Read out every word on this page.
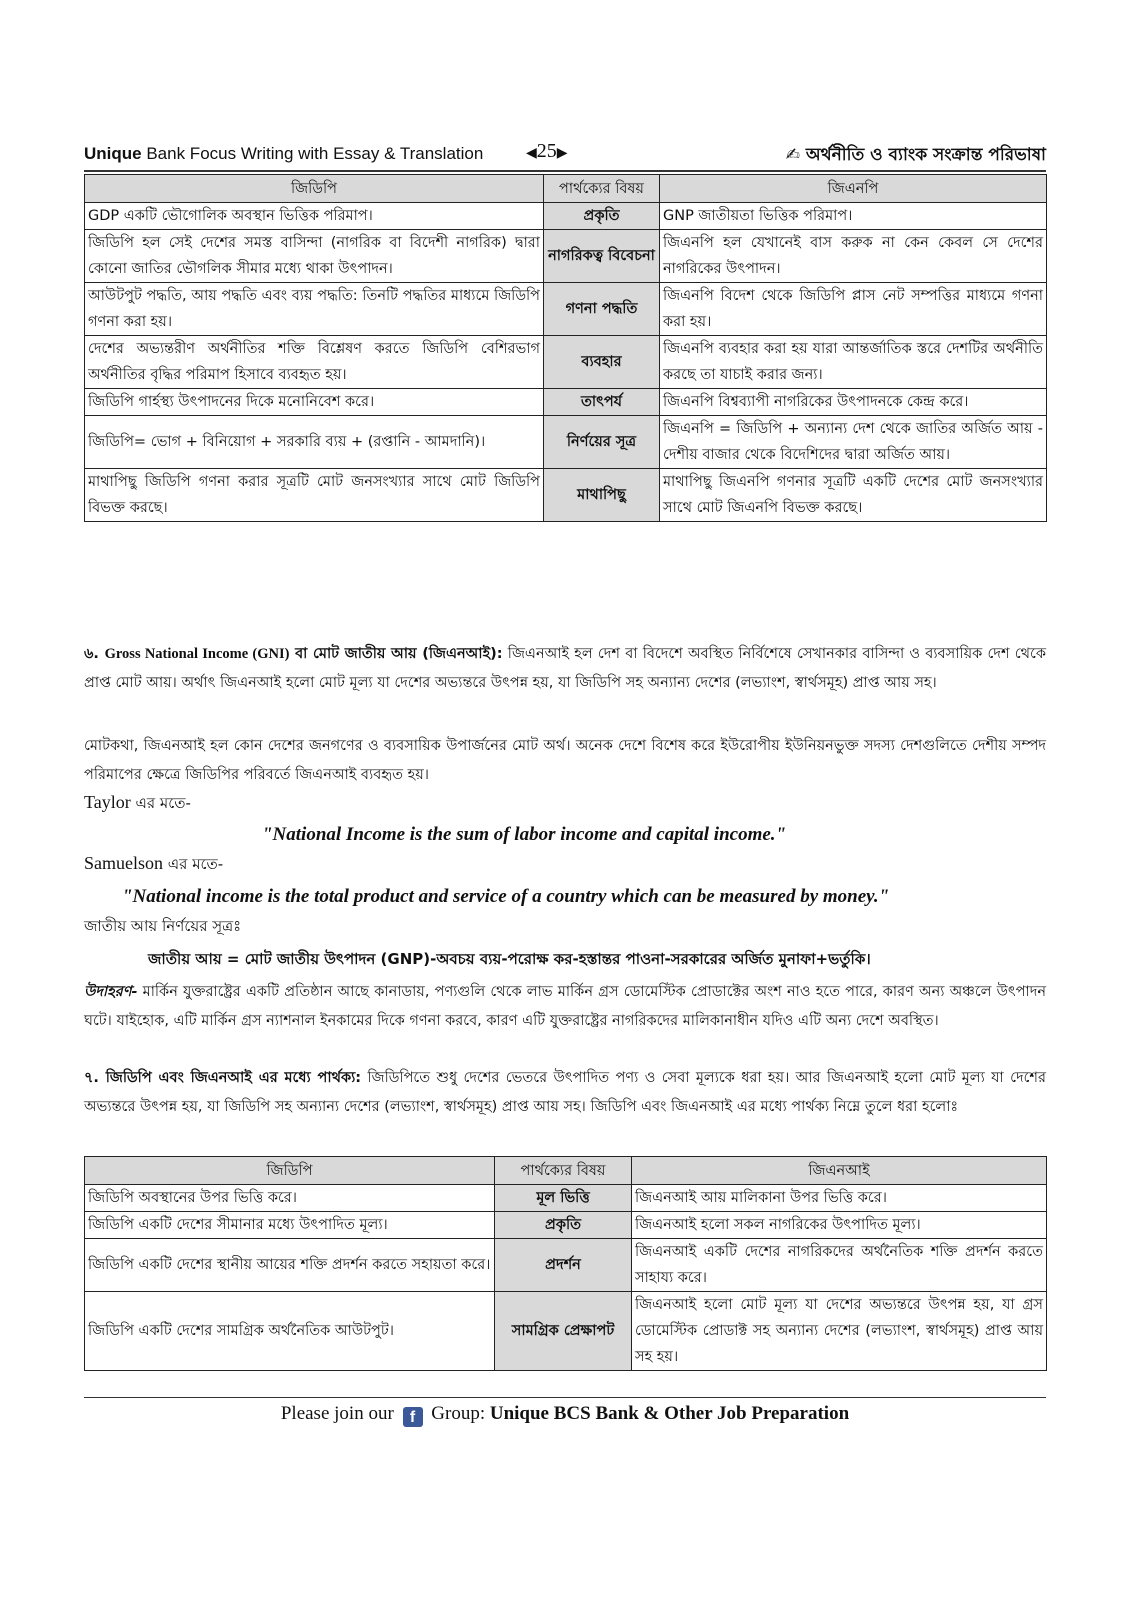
Unique Bank Focus Writing with Essay & Translation	◀25▶	✍ অর্থনীতি ও ব্যাংক সংক্রান্ত পরিভাষা
জিডিপি	পার্থক্যের বিষয়	জিএনপি
GDP একটি ভৌগোলিক অবস্থান ভিত্তিক পরিমাপ।	প্রকৃতি	GNP জাতীয়তা ভিত্তিক পরিমাপ।
জিডিপি হল সেই দেশের সমস্ত বাসিন্দা (নাগরিক বা বিদেশী নাগরিক) দ্বারা কোনো জাতির ভৌগলিক সীমার মধ্যে থাকা উৎপাদন।	নাগরিকত্ব বিবেচনা	জিএনপি হল যেখানেই বাস করুক না কেন কেবল সে দেশের নাগরিকের উৎপাদন।
আউটপুট পদ্ধতি, আয় পদ্ধতি এবং ব্যয় পদ্ধতি: তিনটি পদ্ধতির মাধ্যমে জিডিপি গণনা করা হয়।	গণনা পদ্ধতি	জিএনপি বিদেশ থেকে জিডিপি প্লাস নেট সম্পত্তির মাধ্যমে গণনা করা হয়।
দেশের অভ্যন্তরীণ অর্থনীতির শক্তি বিশ্লেষণ করতে জিডিপি বেশিরভাগ অর্থনীতির বৃদ্ধির পরিমাপ হিসাবে ব্যবহৃত হয়।	ব্যবহার	জিএনপি ব্যবহার করা হয় যারা আন্তর্জাতিক স্তরে দেশটির অর্থনীতি করছে তা যাচাই করার জন্য।
জিডিপি গার্হস্থ্য উৎপাদনের দিকে মনোনিবেশ করে।	তাৎপর্য	জিএনপি বিশ্বব্যাপী নাগরিকের উৎপাদনকে কেন্দ্র করে।
জিডিপি= ভোগ + বিনিয়োগ + সরকারি ব্যয় + (রপ্তানি - আমদানি)।	নির্ণয়ের সূত্র	জিএনপি = জিডিপি + অন্যান্য দেশ থেকে জাতির অর্জিত আয় - দেশীয় বাজার থেকে বিদেশিদের দ্বারা অর্জিত আয়।
মাথাপিছু জিডিপি গণনা করার সূত্রটি মোট জনসংখ্যার সাথে মোট জিডিপি বিভক্ত করছে।	মাথাপিছু	মাথাপিছু জিএনপি গণনার সূত্রটি একটি দেশের মোট জনসংখ্যার সাথে মোট জিএনপি বিভক্ত করছে।
৬. Gross National Income (GNI) বা মোট জাতীয় আয় (জিএনআই): জিএনআই হল দেশ বা বিদেশে অবস্থিত নির্বিশেষে সেখানকার বাসিন্দা ও ব্যবসায়িক দেশ থেকে প্রাপ্ত মোট আয়। অর্থাৎ জিএনআই হলো মোট মূল্য যা দেশের অভ্যন্তরে উৎপন্ন হয়, যা জিডিপি সহ অন্যান্য দেশের (লভ্যাংশ, স্বার্থসমূহ) প্রাপ্ত আয় সহ।
মোটকথা, জিএনআই হল কোন দেশের জনগণের ও ব্যবসায়িক উপার্জনের মোট অর্থ। অনেক দেশে বিশেষ করে ইউরোপীয় ইউনিয়নভুক্ত সদস্য দেশগুলিতে দেশীয় সম্পদ পরিমাপের ক্ষেত্রে জিডিপির পরিবর্তে জিএনআই ব্যবহৃত হয়।
Taylor এর মতে-
"National Income is the sum of labor income and capital income."
Samuelson এর মতে-
"National income is the total product and service of a country which can be measured by money."
জাতীয় আয় নির্ণয়ের সূত্রঃ
জাতীয় আয় = মোট জাতীয় উৎপাদন (GNP)-অবচয় ব্যয়-পরোক্ষ কর-হস্তান্তর পাওনা-সরকারের অর্জিত মুনাফা+ভর্তুকি।
উদাহরণ- মার্কিন যুক্তরাষ্ট্রের একটি প্রতিষ্ঠান আছে কানাডায়, পণ্যগুলি থেকে লাভ মার্কিন গ্রস ডোমেস্টিক প্রোডাক্টের অংশ নাও হতে পারে, কারণ অন্য অঞ্চলে উৎপাদন ঘটে। যাইহোক, এটি মার্কিন গ্রস ন্যাশনাল ইনকামের দিকে গণনা করবে, কারণ এটি যুক্তরাষ্ট্রের নাগরিকদের মালিকানাধীন যদিও এটি অন্য দেশে অবস্থিত।
৭. জিডিপি এবং জিএনআই এর মধ্যে পার্থক্য: জিডিপিতে শুধু দেশের ভেতরে উৎপাদিত পণ্য ও সেবা মূল্যকে ধরা হয়। আর জিএনআই হলো মোট মূল্য যা দেশের অভ্যন্তরে উৎপন্ন হয়, যা জিডিপি সহ অন্যান্য দেশের (লভ্যাংশ, স্বার্থসমূহ) প্রাপ্ত আয় সহ। জিডিপি এবং জিএনআই এর মধ্যে পার্থক্য নিম্নে তুলে ধরা হলোঃ
জিডিপি	পার্থক্যের বিষয়	জিএনআই
জিডিপি অবস্থানের উপর ভিত্তি করে।	মূল ভিত্তি	জিএনআই আয় মালিকানা উপর ভিত্তি করে।
জিডিপি একটি দেশের সীমানার মধ্যে উৎপাদিত মূল্য।	প্রকৃতি	জিএনআই হলো সকল নাগরিকের উৎপাদিত মূল্য।
জিডিপি একটি দেশের স্থানীয় আয়ের শক্তি প্রদর্শন করতে সহায়তা করে।	প্রদর্শন	জিএনআই একটি দেশের নাগরিকদের অর্থনৈতিক শক্তি প্রদর্শন করতে সাহায্য করে।
জিডিপি একটি দেশের সামগ্রিক অর্থনৈতিক আউটপুট।	সামগ্রিক প্রেক্ষাপট	জিএনআই হলো মোট মূল্য যা দেশের অভ্যন্তরে উৎপন্ন হয়, যা গ্রস ডোমেস্টিক প্রোডাক্ট সহ অন্যান্য দেশের (লভ্যাংশ, স্বার্থসমূহ) প্রাপ্ত আয় সহ হয়।
Please join our f Group: Unique BCS Bank & Other Job Preparation
